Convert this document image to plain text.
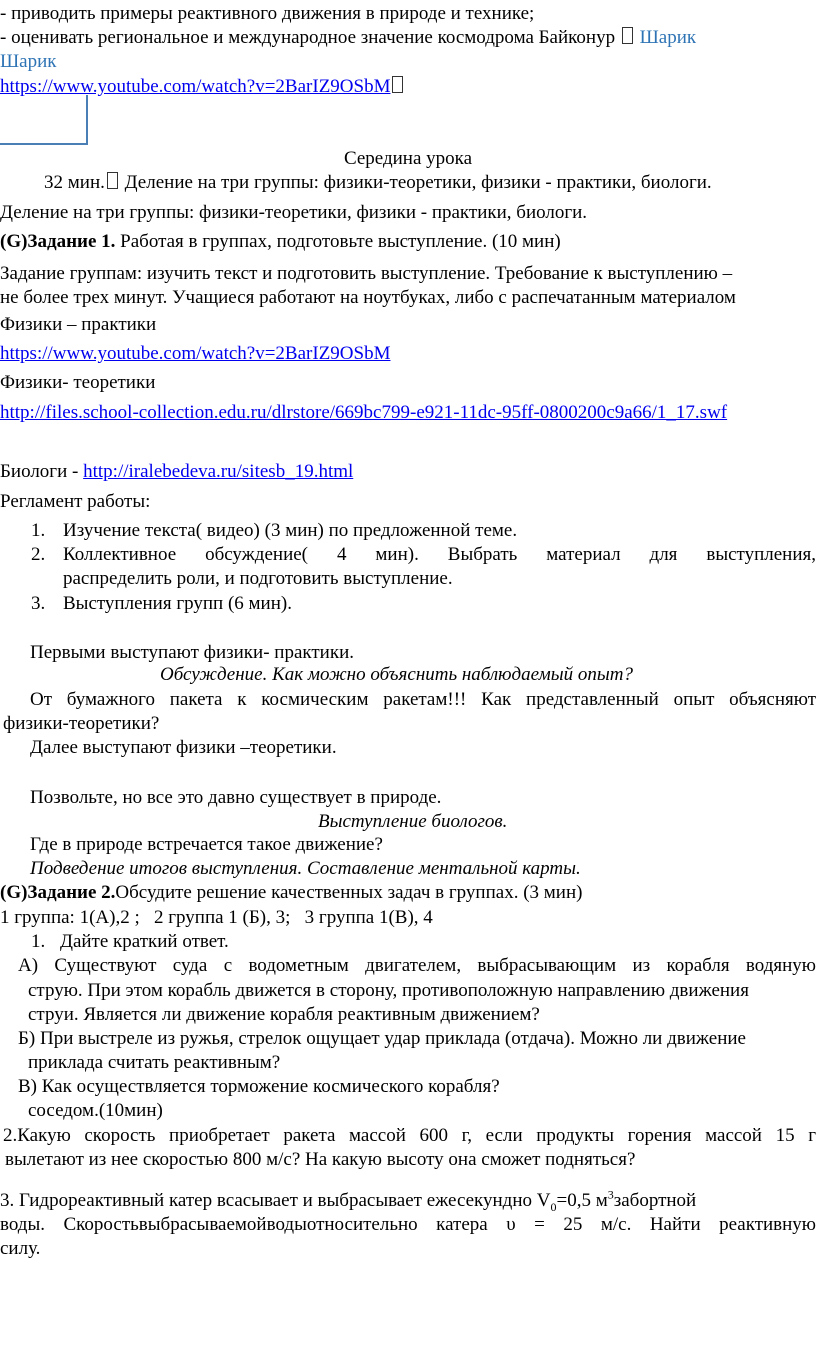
- приводить примеры реактивного движения в природе и технике;
- оценивать региональное и международное значение космодрома Байконур Шарик
Шарик
https://www.youtube.com/watch?v=2BarIZ9OSbM
Середина урока
32 мин. Деление на три группы: физики-теоретики, физики - практики, биологи.
Деление на три группы: физики-теоретики, физики - практики, биологи.
(G)Задание 1. Работая в группах, подготовьте выступление. (10 мин)
Задание группам: изучить текст и подготовить выступление. Требование к выступлению –
не более трех минут. Учащиеся работают на ноутбуках, либо с распечатанным материалом
Физики – практики
https://www.youtube.com/watch?v=2BarIZ9OSbM
Физики- теоретики
http://files.school-collection.edu.ru/dlrstore/669bc799-e921-11dc-95ff-0800200c9a66/1_17.swf
Биологи - http://iralebedeva.ru/sitesb_19.html
Регламент работы:
1. Изучение текста( видео) (3 мин) по предложенной теме.
2. Коллективное обсуждение( 4 мин). Выбрать материал для выступления,
распределить роли, и подготовить выступление.
3. Выступления групп (6 мин).
Первыми выступают физики- практики.
Обсуждение. Как можно объяснить наблюдаемый опыт?
От бумажного пакета к космическим ракетам!!! Как представленный опыт объясняют
физики-теоретики?
Далее выступают физики –теоретики.
Позвольте, но все это давно существует в природе.
Выступление биологов.
Где в природе встречается такое движение?
Подведение итогов выступления. Составление ментальной карты.
(G)Задание 2.Обсудите решение качественных задач в группах. (3 мин)
1 группа: 1(А),2 ;   2 группа 1 (Б), 3;   3 группа 1(В), 4
1. Дайте краткий ответ.
А) Существуют суда с водометным двигателем, выбрасывающим из корабля водяную
струю. При этом корабль движется в сторону, противоположную направлению движения
струи. Является ли движение корабля реактивным движением?
Б) При выстреле из ружья, стрелок ощущает удар приклада (отдача). Можно ли движение
приклада считать реактивным?
В) Как осуществляется торможение космического корабля?
соседом.(10мин)
2.Какую скорость приобретает ракета массой 600 г, если продукты горения массой 15 г
вылетают из нее скоростью 800 м/с? На какую высоту она сможет подняться?
3. Гидрореактивный катер всасывает и выбрасывает ежесекундно $V_0=0,5$ $м^3забортной$
воды. Скоростьвыбрасываемойводыотносительно катера υ = 25 м/с. Найти реактивную
силу.
